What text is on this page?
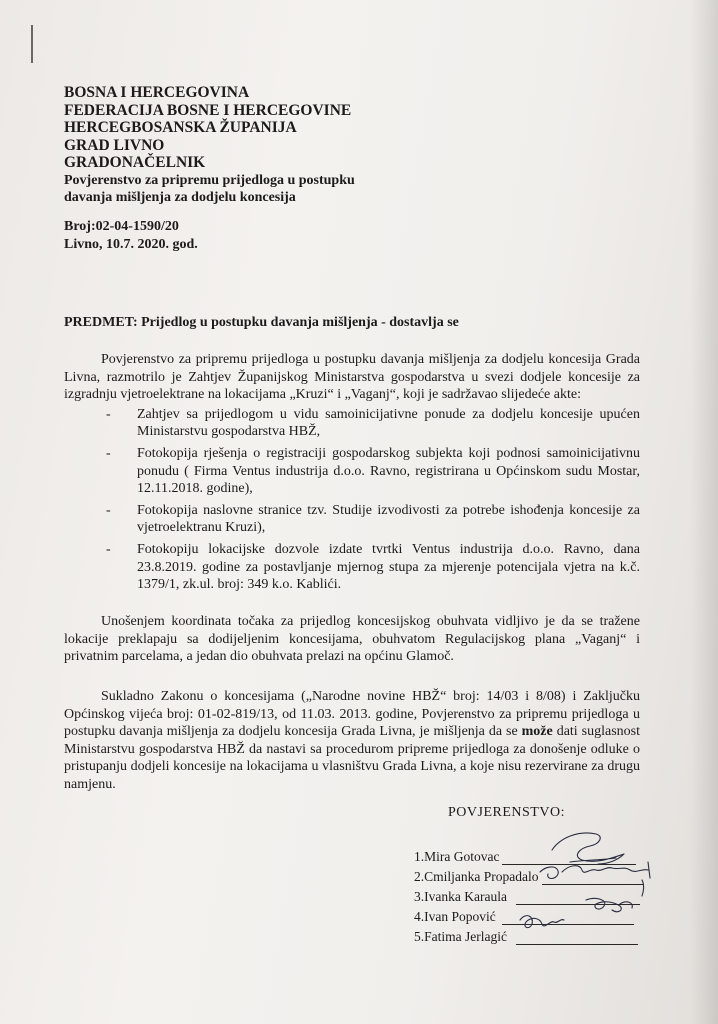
BOSNA I HERCEGOVINA
FEDERACIJA BOSNE I HERCEGOVINE
HERCEGBOSANSKA ŽUPANIJA
GRAD LIVNO
GRADONAČELNIK
Povjerenstvo za pripremu prijedloga u postupku
davanja mišljenja za dodjelu koncesija
Broj:02-04-1590/20
Livno, 10.7. 2020. god.
PREDMET: Prijedlog u postupku davanja mišljenja - dostavlja se
Povjerenstvo za pripremu prijedloga u postupku davanja mišljenja za dodjelu koncesija Grada Livna, razmotrilo je Zahtjev Županijskog Ministarstva gospodarstva u svezi dodjele koncesije za izgradnju vjetroelektrane na lokacijama „Kruzi“ i „Vaganj“, koji je sadržavao slijedeće akte:
- Zahtjev sa prijedlogom u vidu samoinicijativne ponude za dodjelu koncesije upućen Ministarstvu gospodarstva HBŽ,
- Fotokopija rješenja o registraciji gospodarskog subjekta koji podnosi samoinicijativnu ponudu ( Firma Ventus industrija d.o.o. Ravno, registrirana u Općinskom sudu Mostar, 12.11.2018. godine),
- Fotokopija naslovne stranice tzv. Studije izvodivosti za potrebe ishođenja koncesije za vjetroelektranu Kruzi),
- Fotokopiju lokacijske dozvole izdate tvrtki Ventus industrija d.o.o. Ravno, dana 23.8.2019. godine za postavljanje mjernog stupa za mjerenje potencijala vjetra na k.č. 1379/1, zk.ul. broj: 349 k.o. Kablići.
Unošenjem koordinata točaka za prijedlog koncesijskog obuhvata vidljivo je da se tražene lokacije preklapaju sa dodijeljenim koncesijama, obuhvatom Regulacijskog plana „Vaganj“ i privatnim parcelama, a jedan dio obuhvata prelazi na općinu Glamoč.
Sukladno Zakonu o koncesijama („Narodne novine HBŽ“ broj: 14/03 i 8/08) i Zaključku Općinskog vijeća broj: 01-02-819/13, od 11.03. 2013. godine, Povjerenstvo za pripremu prijedloga u postupku davanja mišljenja za dodjelu koncesija Grada Livna, je mišljenja da se može dati suglasnost Ministarstvu gospodarstva HBŽ da nastavi sa procedurom pripreme prijedloga za donošenje odluke o pristupanju dodjeli koncesije na lokacijama u vlasništvu Grada Livna, a koje nisu rezervirane za drugu namjenu.
POVJERENSTVO:
1.Mira Gotovac
2.Cmiljanka Propadalo
3.Ivanka Karaula
4.Ivan Popović
5.Fatima Jerlagić
